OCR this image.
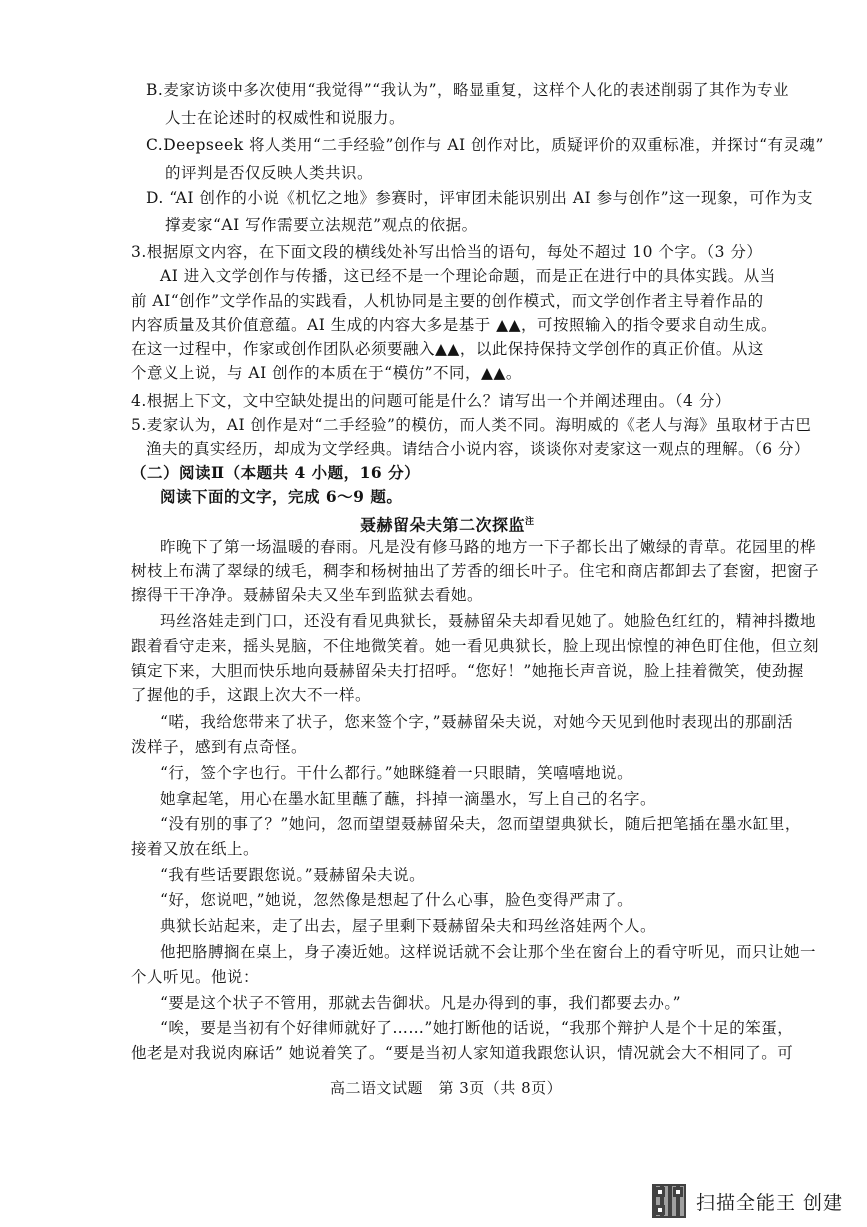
B.麦家访谈中多次使用“我觉得”“我认为”，略显重复，这样个人化的表述削弱了其作为专业
人士在论述时的权威性和说服力。
C.Deepseek 将人类用“二手经验”创作与 AI 创作对比，质疑评价的双重标准，并探讨“有灵魂”
的评判是否仅反映人类共识。
D. “AI 创作的小说《机忆之地》参赛时，评审团未能识别出 AI 参与创作”这一现象，可作为支
撑麦家“AI 写作需要立法规范”观点的依据。
3.根据原文内容，在下面文段的横线处补写出恰当的语句，每处不超过 10 个字。（3 分）
AI 进入文学创作与传播，这已经不是一个理论命题，而是正在进行中的具体实践。从当
前 AI“创作”文学作品的实践看，人机协同是主要的创作模式，而文学创作者主导着作品的
内容质量及其价值意蕴。AI 生成的内容大多是基于 ▲▲，可按照输入的指令要求自动生成。
在这一过程中，作家或创作团队必须要融入▲▲，以此保持保持文学创作的真正价值。从这
个意义上说，与 AI 创作的本质在于“模仿”不同，▲▲。
4.根据上下文，文中空缺处提出的问题可能是什么？请写出一个并阐述理由。（4 分）
5.麦家认为，AI 创作是对“二手经验”的模仿，而人类不同。海明威的《老人与海》虽取材于古巴
渔夫的真实经历，却成为文学经典。请结合小说内容，谈谈你对麦家这一观点的理解。（6 分）
（二）阅读Ⅱ（本题共 4 小题，16 分）
阅读下面的文字，完成 6～9 题。
聂赫留朵夫第二次探监$^注$
昨晚下了第一场温暖的春雨。凡是没有修马路的地方一下子都长出了嫩绿的青草。花园里的桦
树枝上布满了翠绿的绒毛，稠李和杨树抽出了芳香的细长叶子。住宅和商店都卸去了套窗，把窗子
擦得干干净净。聂赫留朵夫又坐车到监狱去看她。
玛丝洛娃走到门口，还没有看见典狱长，聂赫留朵夫却看见她了。她脸色红红的，精神抖擞地
跟着看守走来，摇头晃脑，不住地微笑着。她一看见典狱长，脸上现出惊惶的神色盯住他，但立刻
镇定下来，大胆而快乐地向聂赫留朵夫打招呼。“您好！”她拖长声音说，脸上挂着微笑，使劲握
了握他的手，这跟上次大不一样。
“喏，我给您带来了状子，您来签个字，”聂赫留朵夫说，对她今天见到他时表现出的那副活
泼样子，感到有点奇怪。
“行，签个字也行。干什么都行。”她眯缝着一只眼睛，笑嘻嘻地说。
她拿起笔，用心在墨水缸里蘸了蘸，抖掉一滴墨水，写上自己的名字。
“没有别的事了？”她问，忽而望望聂赫留朵夫，忽而望望典狱长，随后把笔插在墨水缸里，
接着又放在纸上。
“我有些话要跟您说。”聂赫留朵夫说。
“好，您说吧，”她说，忽然像是想起了什么心事，脸色变得严肃了。
典狱长站起来，走了出去，屋子里剩下聂赫留朵夫和玛丝洛娃两个人。
他把胳膊搁在桌上，身子凑近她。这样说话就不会让那个坐在窗台上的看守听见，而只让她一
个人听见。他说：
“要是这个状子不管用，那就去告御状。凡是办得到的事，我们都要去办。”
“唉，要是当初有个好律师就好了……”她打断他的话说，“我那个辩护人是个十足的笨蛋，
他老是对我说肉麻话” 她说着笑了。“要是当初人家知道我跟您认识，情况就会大不相同了。可
高二语文试题　第 3页（共 8页）
扫描全能王 创建
